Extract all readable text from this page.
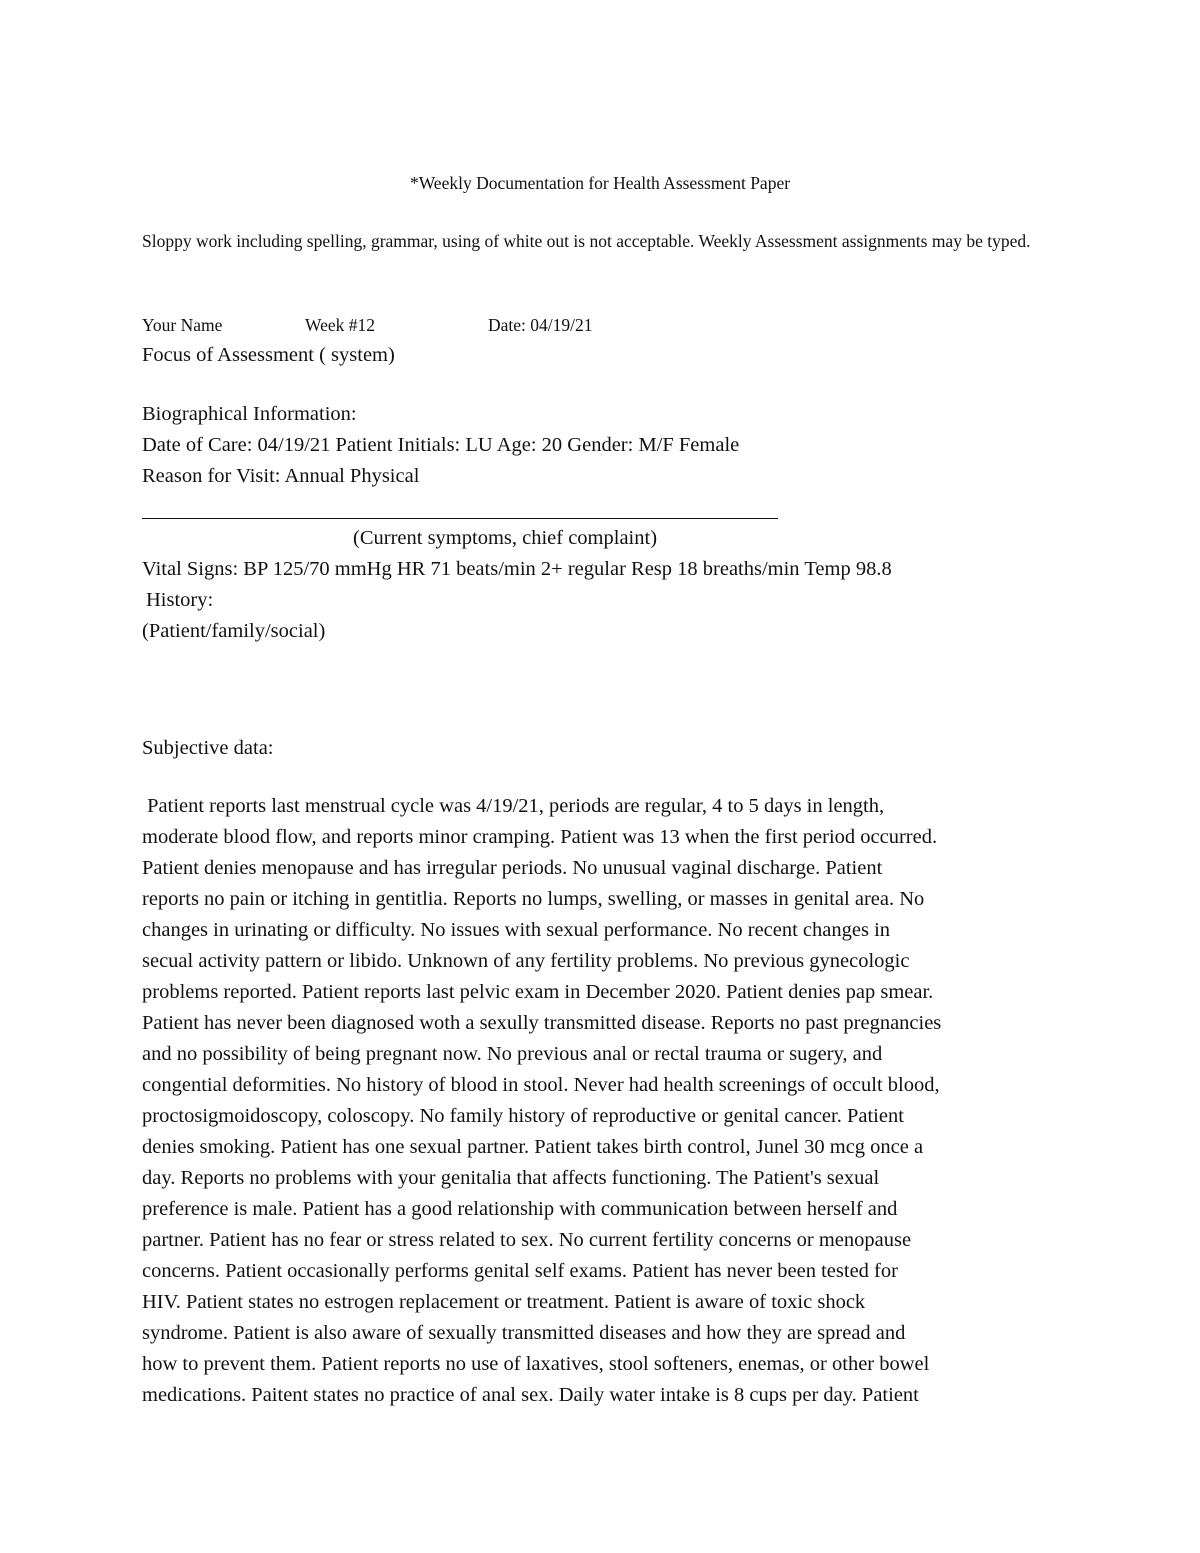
*Weekly Documentation for Health Assessment Paper
Sloppy work including spelling, grammar, using of white out is not acceptable. Weekly Assessment assignments may be typed.
Your Name	Week #12	Date: 04/19/21
Focus of Assessment ( system)
Biographical Information:
Date of Care: 04/19/21 Patient Initials: LU Age: 20 Gender: M/F Female
Reason for Visit: Annual Physical
(Current symptoms, chief complaint)
Vital Signs: BP 125/70 mmHg HR 71 beats/min 2+ regular Resp 18 breaths/min Temp 98.8
History:
(Patient/family/social)
Subjective data:
Patient reports last menstrual cycle was 4/19/21, periods are regular, 4 to 5 days in length,
moderate blood flow, and reports minor cramping. Patient was 13 when the first period occurred.
Patient denies menopause and has irregular periods. No unusual vaginal discharge. Patient
reports no pain or itching in gentitlia. Reports no lumps, swelling, or masses in genital area. No
changes in urinating or difficulty. No issues with sexual performance. No recent changes in
secual activity pattern or libido. Unknown of any fertility problems. No previous gynecologic
problems reported. Patient reports last pelvic exam in December 2020. Patient denies pap smear.
Patient has never been diagnosed woth a sexully transmitted disease. Reports no past pregnancies
and no possibility of being pregnant now. No previous anal or rectal trauma or sugery, and
congential deformities. No history of blood in stool. Never had health screenings of occult blood,
proctosigmoidoscopy, coloscopy. No family history of reproductive or genital cancer. Patient
denies smoking. Patient has one sexual partner. Patient takes birth control, Junel 30 mcg once a
day. Reports no problems with your genitalia that affects functioning. The Patient's sexual
preference is male. Patient has a good relationship with communication between herself and
partner. Patient has no fear or stress related to sex. No current fertility concerns or menopause
concerns. Patient occasionally performs genital self exams. Patient has never been tested for
HIV. Patient states no estrogen replacement or treatment. Patient is aware of toxic shock
syndrome. Patient is also aware of sexually transmitted diseases and how they are spread and
how to prevent them. Patient reports no use of laxatives, stool softeners, enemas, or other bowel
medications. Paitent states no practice of anal sex. Daily water intake is 8 cups per day. Patient
